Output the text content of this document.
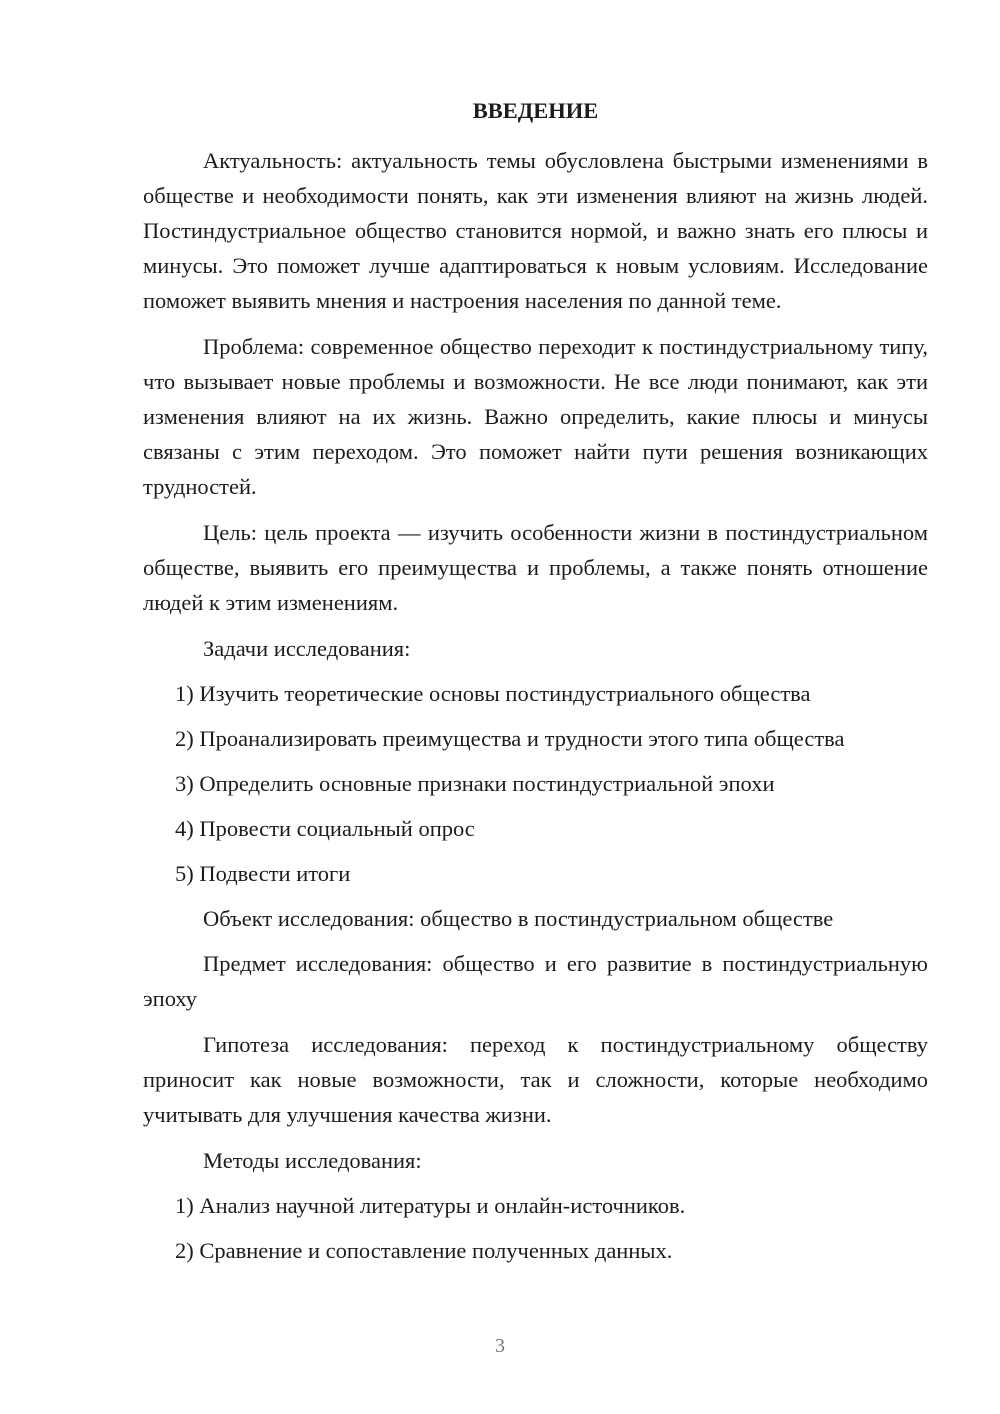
ВВЕДЕНИЕ

Актуальность: актуальность темы обусловлена быстрыми изменениями в обществе и необходимости понять, как эти изменения влияют на жизнь людей. Постиндустриальное общество становится нормой, и важно знать его плюсы и минусы. Это поможет лучше адаптироваться к новым условиям. Исследование поможет выявить мнения и настроения населения по данной теме.

Проблема: современное общество переходит к постиндустриальному типу, что вызывает новые проблемы и возможности. Не все люди понимают, как эти изменения влияют на их жизнь. Важно определить, какие плюсы и минусы связаны с этим переходом. Это поможет найти пути решения возникающих трудностей.

Цель: цель проекта — изучить особенности жизни в постиндустриальном обществе, выявить его преимущества и проблемы, а также понять отношение людей к этим изменениям.

Задачи исследования:

1) Изучить теоретические основы постиндустриального общества

2) Проанализировать преимущества и трудности этого типа общества

3) Определить основные признаки постиндустриальной эпохи

4) Провести социальный опрос

5) Подвести итоги

Объект исследования: общество в постиндустриальном обществе

Предмет исследования: общество и его развитие в постиндустриальную эпоху

Гипотеза исследования: переход к постиндустриальному обществу приносит как новые возможности, так и сложности, которые необходимо учитывать для улучшения качества жизни.

Методы исследования:

1) Анализ научной литературы и онлайн-источников.

2) Сравнение и сопоставление полученных данных.

3
